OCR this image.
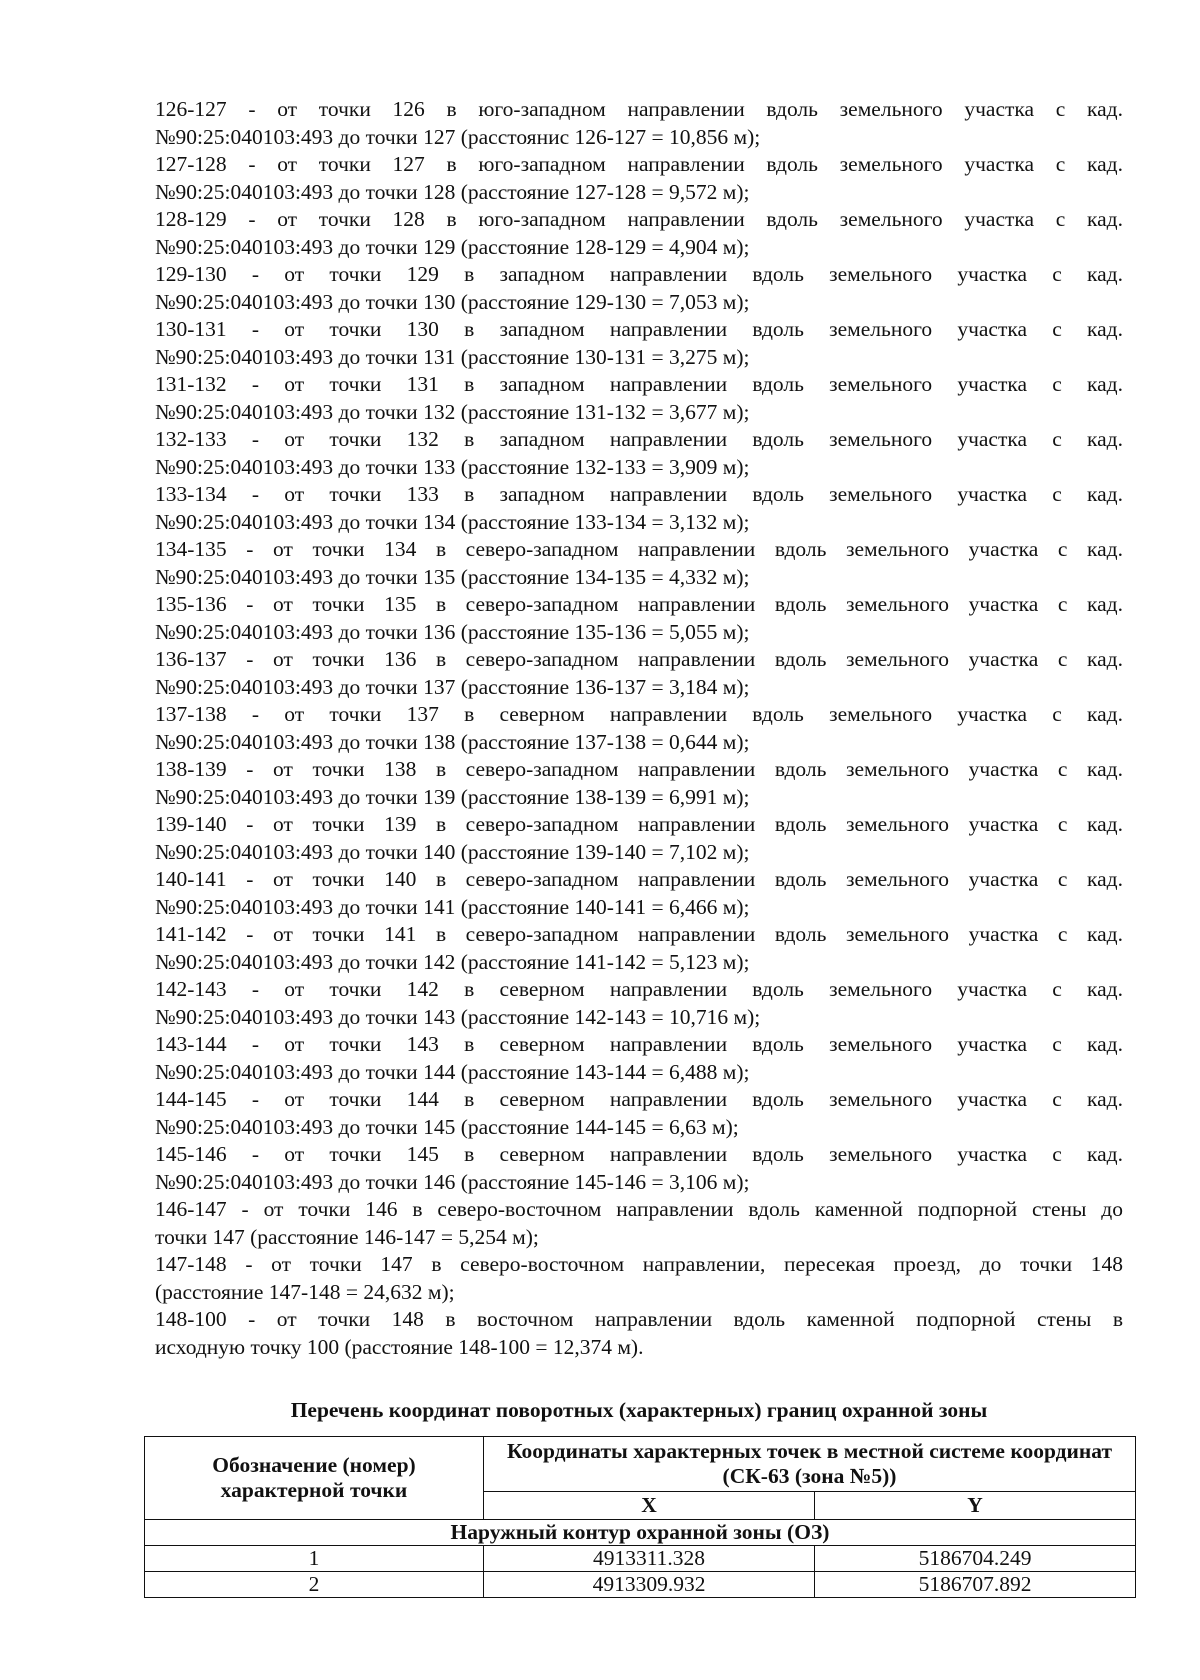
126-127 - от точки 126 в юго-западном направлении вдоль земельного участка с кад.
№90:25:040103:493 до точки 127 (расстоянис 126-127 = 10,856 м);

127-128 - от точки 127 в юго-западном направлении вдоль земельного участка с кад.
№90:25:040103:493 до точки 128 (расстояние 127-128 = 9,572 м);

128-129 - от точки 128 в юго-западном направлении вдоль земельного участка с кад.
№90:25:040103:493 до точки 129 (расстояние 128-129 = 4,904 м);

129-130 - от точки 129 в западном направлении вдоль земельного участка с кад.
№90:25:040103:493 до точки 130 (расстояние 129-130 = 7,053 м);

130-131 - от точки 130 в западном направлении вдоль земельного участка с кад.
№90:25:040103:493 до точки 131 (расстояние 130-131 = 3,275 м);

131-132 - от точки 131 в западном направлении вдоль земельного участка с кад.
№90:25:040103:493 до точки 132 (расстояние 131-132 = 3,677 м);

132-133 - от точки 132 в западном направлении вдоль земельного участка с кад.
№90:25:040103:493 до точки 133 (расстояние 132-133 = 3,909 м);

133-134 - от точки 133 в западном направлении вдоль земельного участка с кад.
№90:25:040103:493 до точки 134 (расстояние 133-134 = 3,132 м);

134-135 - от точки 134 в северо-западном направлении вдоль земельного участка с кад.
№90:25:040103:493 до точки 135 (расстояние 134-135 = 4,332 м);

135-136 - от точки 135 в северо-западном направлении вдоль земельного участка с кад.
№90:25:040103:493 до точки 136 (расстояние 135-136 = 5,055 м);

136-137 - от точки 136 в северо-западном направлении вдоль земельного участка с кад.
№90:25:040103:493 до точки 137 (расстояние 136-137 = 3,184 м);

137-138 - от точки 137 в северном направлении вдоль земельного участка с кад.
№90:25:040103:493 до точки 138 (расстояние 137-138 = 0,644 м);

138-139 - от точки 138 в северо-западном направлении вдоль земельного участка с кад.
№90:25:040103:493 до точки 139 (расстояние 138-139 = 6,991 м);

139-140 - от точки 139 в северо-западном направлении вдоль земельного участка с кад.
№90:25:040103:493 до точки 140 (расстояние 139-140 = 7,102 м);

140-141 - от точки 140 в северо-западном направлении вдоль земельного участка с кад.
№90:25:040103:493 до точки 141 (расстояние 140-141 = 6,466 м);

141-142 - от точки 141 в северо-западном направлении вдоль земельного участка с кад.
№90:25:040103:493 до точки 142 (расстояние 141-142 = 5,123 м);

142-143 - от точки 142 в северном направлении вдоль земельного участка с кад.
№90:25:040103:493 до точки 143 (расстояние 142-143 = 10,716 м);

143-144 - от точки 143 в северном направлении вдоль земельного участка с кад.
№90:25:040103:493 до точки 144 (расстояние 143-144 = 6,488 м);

144-145 - от точки 144 в северном направлении вдоль земельного участка с кад.
№90:25:040103:493 до точки 145 (расстояние 144-145 = 6,63 м);

145-146 - от точки 145 в северном направлении вдоль земельного участка с кад.
№90:25:040103:493 до точки 146 (расстояние 145-146 = 3,106 м);

146-147 - от точки 146 в северо-восточном направлении вдоль каменной подпорной стены до
точки 147 (расстояние 146-147 = 5,254 м);

147-148 - от точки 147 в северо-восточном направлении, пересекая проезд, до точки 148
(расстояние 147-148 = 24,632 м);

148-100 - от точки 148 в восточном направлении вдоль каменной подпорной стены в
исходную точку 100 (расстояние 148-100 = 12,374 м).

Перечень координат поворотных (характерных) границ охранной зоны
Обозначение (номер) характерной точки	Координаты характерных точек в местной системе координат (СК-63 (зона №5))	
	X	Y
Наружный контур охранной зоны (ОЗ)		
1	4913311.328	5186704.249
2	4913309.932	5186707.892
